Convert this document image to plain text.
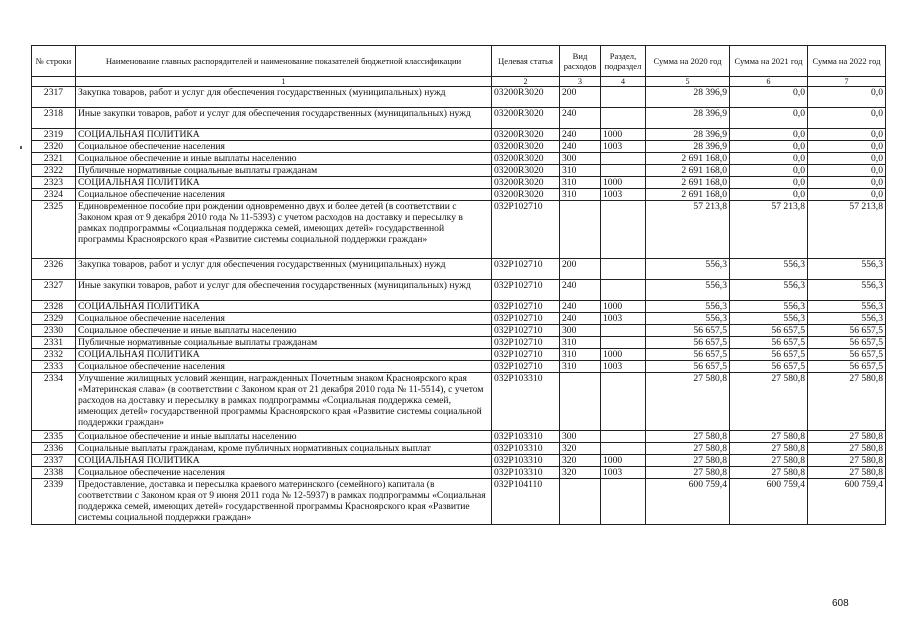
№ строки	Наименование главных распорядителей и наименование показателей бюджетной классификации	Целевая статья	Вид расходов	Раздел, подраздел	Сумма на 2020 год	Сумма на 2021 год	Сумма на 2022 год
	1	2	3	4	5	6	7
2317	Закупка товаров, работ и услуг для обеспечения государственных (муниципальных) нужд	03200R3020	200		28 396,9	0,0	0,0
2318	Иные закупки товаров, работ и услуг для обеспечения государственных (муниципальных) нужд	03200R3020	240		28 396,9	0,0	0,0
2319	СОЦИАЛЬНАЯ ПОЛИТИКА	03200R3020	240	1000	28 396,9	0,0	0,0
2320	Социальное обеспечение населения	03200R3020	240	1003	28 396,9	0,0	0,0
2321	Социальное обеспечение и иные выплаты населению	03200R3020	300		2 691 168,0	0,0	0,0
2322	Публичные нормативные социальные выплаты гражданам	03200R3020	310		2 691 168,0	0,0	0,0
2323	СОЦИАЛЬНАЯ ПОЛИТИКА	03200R3020	310	1000	2 691 168,0	0,0	0,0
2324	Социальное обеспечение населения	03200R3020	310	1003	2 691 168,0	0,0	0,0
2325	Единовременное пособие при рождении одновременно двух и более детей (в соответствии с Законом края от 9 декабря 2010 года № 11-5393) с учетом расходов на доставку и пересылку в рамках подпрограммы «Социальная поддержка семей, имеющих детей» государственной программы Красноярского края «Развитие системы социальной поддержки граждан»	032P102710			57 213,8	57 213,8	57 213,8
2326	Закупка товаров, работ и услуг для обеспечения государственных (муниципальных) нужд	032P102710	200		556,3	556,3	556,3
2327	Иные закупки товаров, работ и услуг для обеспечения государственных (муниципальных) нужд	032P102710	240		556,3	556,3	556,3
2328	СОЦИАЛЬНАЯ ПОЛИТИКА	032P102710	240	1000	556,3	556,3	556,3
2329	Социальное обеспечение населения	032P102710	240	1003	556,3	556,3	556,3
2330	Социальное обеспечение и иные выплаты населению	032P102710	300		56 657,5	56 657,5	56 657,5
2331	Публичные нормативные социальные выплаты гражданам	032P102710	310		56 657,5	56 657,5	56 657,5
2332	СОЦИАЛЬНАЯ ПОЛИТИКА	032P102710	310	1000	56 657,5	56 657,5	56 657,5
2333	Социальное обеспечение населения	032P102710	310	1003	56 657,5	56 657,5	56 657,5
2334	Улучшение жилищных условий женщин, награжденных Почетным знаком Красноярского края «Материнская слава» (в соответствии с Законом края от 21 декабря 2010 года № 11-5514), с учетом расходов на доставку и пересылку в рамках подпрограммы «Социальная поддержка семей, имеющих детей» государственной программы Красноярского края «Развитие системы социальной поддержки граждан»	032P103310			27 580,8	27 580,8	27 580,8
2335	Социальное обеспечение и иные выплаты населению	032P103310	300		27 580,8	27 580,8	27 580,8
2336	Социальные выплаты гражданам, кроме публичных нормативных социальных выплат	032P103310	320		27 580,8	27 580,8	27 580,8
2337	СОЦИАЛЬНАЯ ПОЛИТИКА	032P103310	320	1000	27 580,8	27 580,8	27 580,8
2338	Социальное обеспечение населения	032P103310	320	1003	27 580,8	27 580,8	27 580,8
2339	Предоставление, доставка и пересылка краевого материнского (семейного) капитала (в соответствии с Законом края от 9 июня 2011 года № 12-5937) в рамках подпрограммы «Социальная поддержка семей, имеющих детей» государственной программы Красноярского края «Развитие системы социальной поддержки граждан»	032P104110			600 759,4	600 759,4	600 759,4
608
